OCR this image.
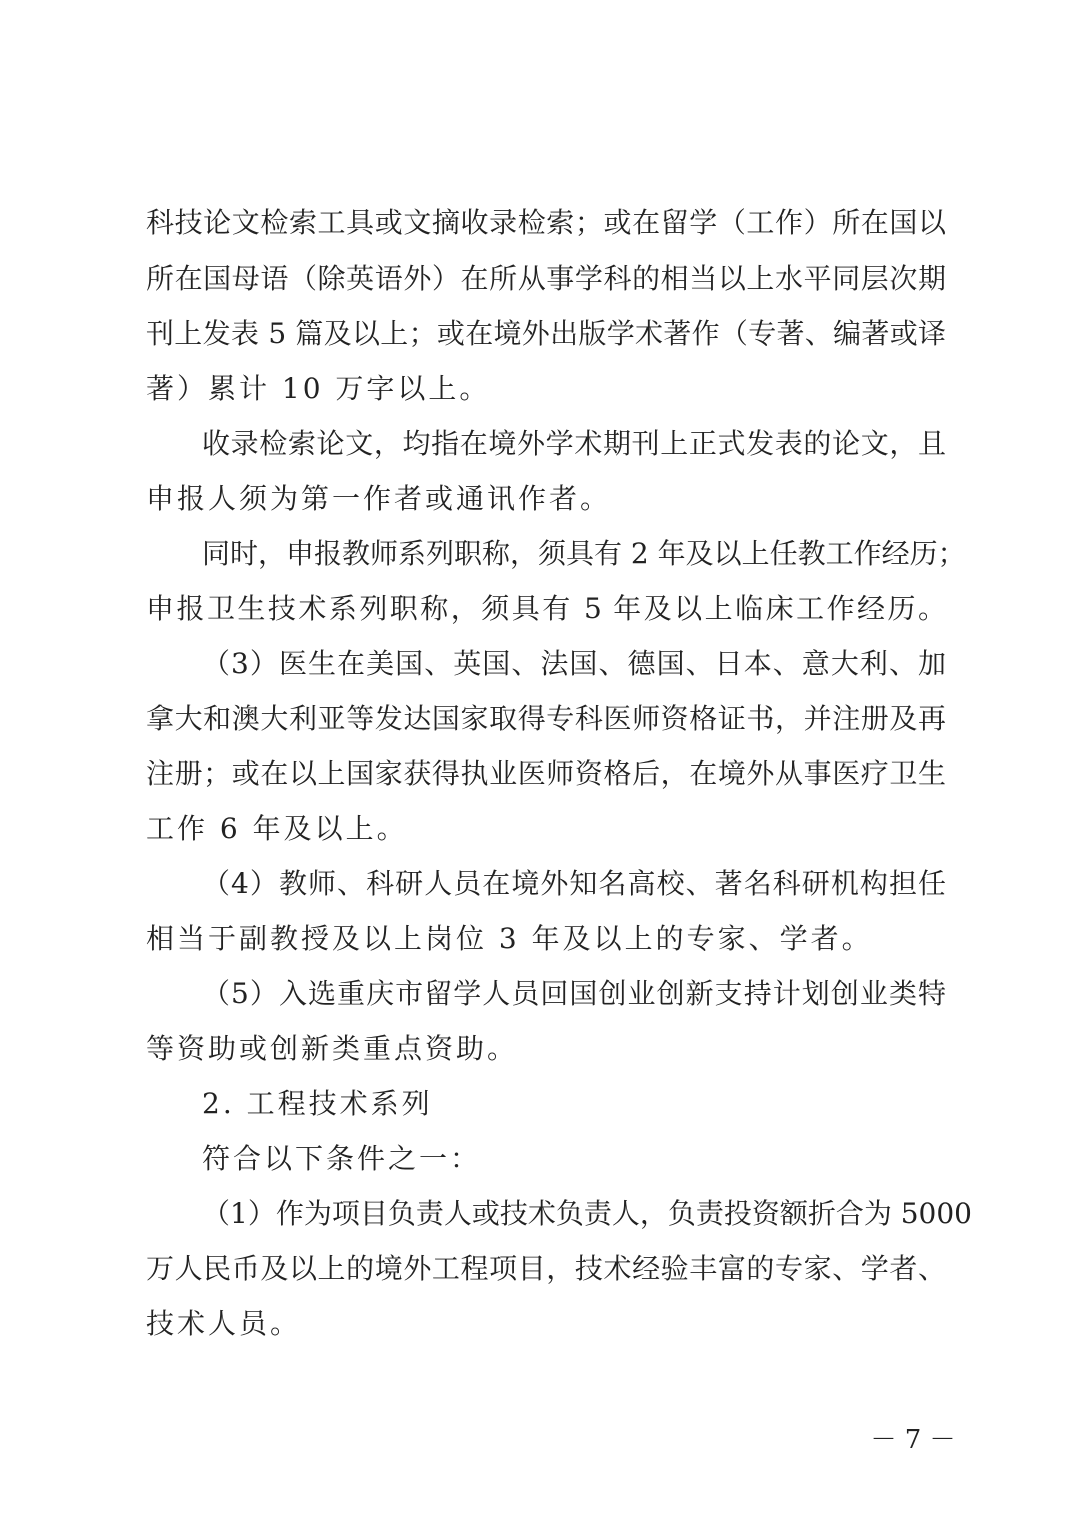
科技论文检索工具或文摘收录检索；或在留学（工作）所在国以
所在国母语（除英语外）在所从事学科的相当以上水平同层次期
刊上发表 5 篇及以上；或在境外出版学术著作（专著、编著或译
著）累计 10 万字以上。
收录检索论文，均指在境外学术期刊上正式发表的论文，且
申报人须为第一作者或通讯作者。
同时，申报教师系列职称，须具有 2 年及以上任教工作经历；
申报卫生技术系列职称，须具有 5 年及以上临床工作经历。
（3）医生在美国、英国、法国、德国、日本、意大利、加
拿大和澳大利亚等发达国家取得专科医师资格证书，并注册及再
注册；或在以上国家获得执业医师资格后，在境外从事医疗卫生
工作 6 年及以上。
（4）教师、科研人员在境外知名高校、著名科研机构担任
相当于副教授及以上岗位 3 年及以上的专家、学者。
（5）入选重庆市留学人员回国创业创新支持计划创业类特
等资助或创新类重点资助。
2. 工程技术系列
符合以下条件之一：
（1）作为项目负责人或技术负责人，负责投资额折合为 5000
万人民币及以上的境外工程项目，技术经验丰富的专家、学者、
技术人员。
－ 7 －
